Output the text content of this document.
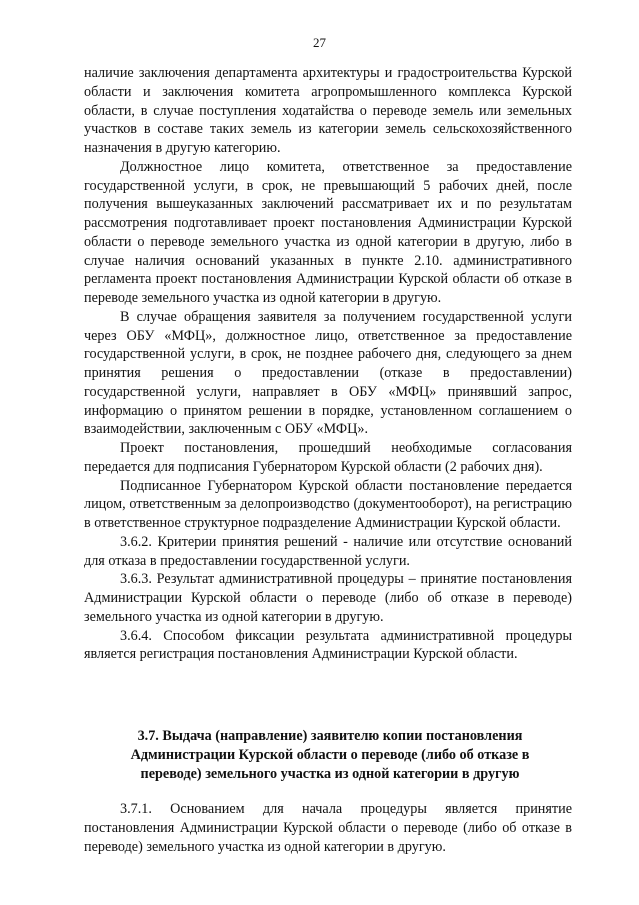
27

наличие заключения департамента архитектуры и градостроительства Курской области и заключения комитета агропромышленного комплекса Курской области, в случае поступления ходатайства о переводе земель или земельных участков в составе таких земель из категории земель сельскохозяйственного назначения в другую категорию.

Должностное лицо комитета, ответственное за предоставление государственной услуги, в срок, не превышающий 5 рабочих дней, после получения вышеуказанных заключений рассматривает их и по результатам рассмотрения подготавливает проект постановления Администрации Курской области о переводе земельного участка из одной категории в другую, либо в случае наличия оснований указанных в пункте 2.10. административного регламента проект постановления Администрации Курской области об отказе в переводе земельного участка из одной категории в другую.

В случае обращения заявителя за получением государственной услуги через ОБУ «МФЦ», должностное лицо, ответственное за предоставление государственной услуги, в срок, не позднее рабочего дня, следующего за днем принятия решения о предоставлении (отказе в предоставлении) государственной услуги, направляет в ОБУ «МФЦ» принявший запрос, информацию о принятом решении в порядке, установленном соглашением о взаимодействии, заключенным с ОБУ «МФЦ».

Проект постановления, прошедший необходимые согласования передается для подписания Губернатором Курской области (2 рабочих дня).

Подписанное Губернатором Курской области постановление передается лицом, ответственным за делопроизводство (документооборот), на регистрацию в ответственное структурное подразделение Администрации Курской области.

3.6.2. Критерии принятия решений - наличие или отсутствие оснований для отказа в предоставлении государственной услуги.

3.6.3. Результат административной процедуры – принятие постановления Администрации Курской области о переводе (либо об отказе в переводе) земельного участка из одной категории в другую.

3.6.4. Способом фиксации результата административной процедуры является регистрация постановления Администрации Курской области.

3.7. Выдача (направление) заявителю копии постановления Администрации Курской области о переводе (либо об отказе в переводе) земельного участка из одной категории в другую

3.7.1. Основанием для начала процедуры является принятие постановления Администрации Курской области о переводе (либо об отказе в переводе) земельного участка из одной категории в другую.
